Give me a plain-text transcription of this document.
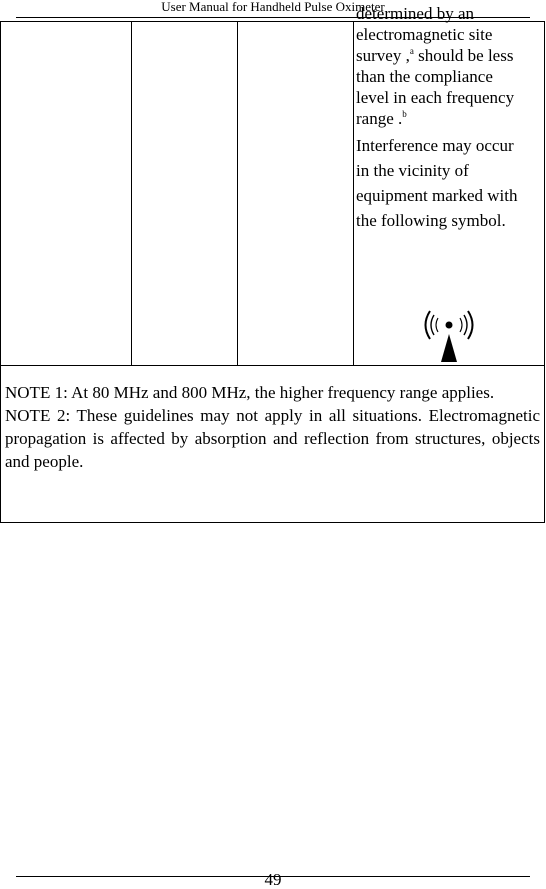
User Manual for Handheld Pulse Oximeter
determined by an
electromagnetic site
survey ,$^a$ should be less
than the compliance
level in each frequency
range .$^b$
Interference may occur
in the vicinity of
equipment marked with
the following symbol.

NOTE 1: At 80 MHz and 800 MHz, the higher frequency range applies.

NOTE 2: These guidelines may not apply in all situations. Electromagnetic propagation is affected by absorption and reflection from structures, objects and people.

49
